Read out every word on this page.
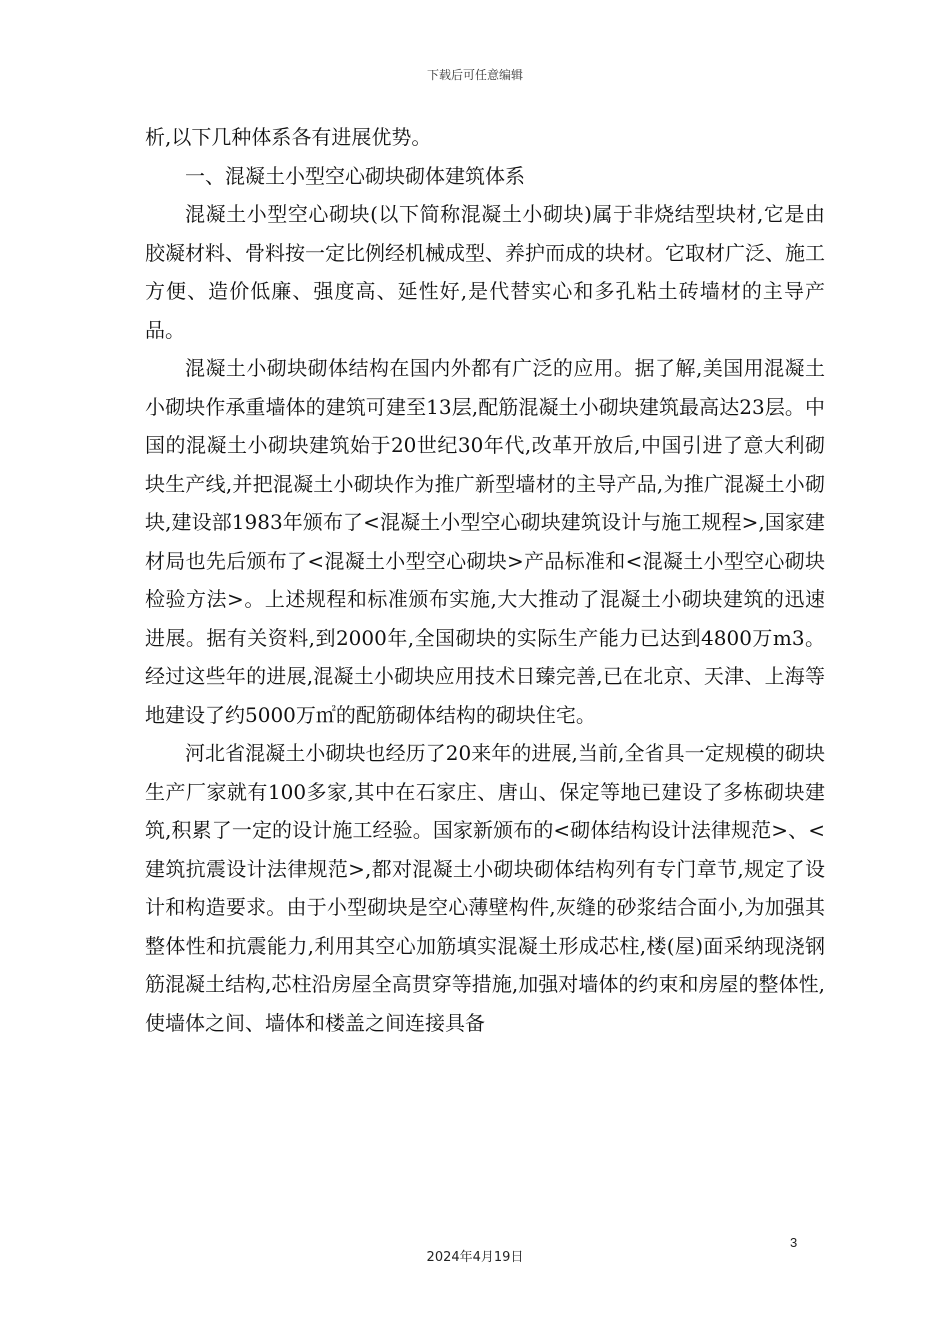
下载后可任意编辑

析,以下几种体系各有进展优势。

一、混凝土小型空心砌块砌体建筑体系

混凝土小型空心砌块(以下简称混凝土小砌块)属于非烧结型块材,它是由胶凝材料、骨料按一定比例经机械成型、养护而成的块材。它取材广泛、施工方便、造价低廉、强度高、延性好,是代替实心和多孔粘土砖墙材的主导产品。

混凝土小砌块砌体结构在国内外都有广泛的应用。据了解,美国用混凝土小砌块作承重墙体的建筑可建至13层,配筋混凝土小砌块建筑最高达23层。中国的混凝土小砌块建筑始于20世纪30年代,改革开放后,中国引进了意大利砌块生产线,并把混凝土小砌块作为推广新型墙材的主导产品,为推广混凝土小砌块,建设部1983年颁布了<混凝土小型空心砌块建筑设计与施工规程>,国家建材局也先后颁布了<混凝土小型空心砌块>产品标准和<混凝土小型空心砌块检验方法>。上述规程和标准颁布实施,大大推动了混凝土小砌块建筑的迅速进展。据有关资料,到2000年,全国砌块的实际生产能力已达到4800万m3。经过这些年的进展,混凝土小砌块应用技术日臻完善,已在北京、天津、上海等地建设了约5000万㎡的配筋砌体结构的砌块住宅。

河北省混凝土小砌块也经历了20来年的进展,当前,全省具一定规模的砌块生产厂家就有100多家,其中在石家庄、唐山、保定等地已建设了多栋砌块建筑,积累了一定的设计施工经验。国家新颁布的<砌体结构设计法律规范>、<建筑抗震设计法律规范>,都对混凝土小砌块砌体结构列有专门章节,规定了设计和构造要求。由于小型砌块是空心薄壁构件,灰缝的砂浆结合面小,为加强其整体性和抗震能力,利用其空心加筋填实混凝土形成芯柱,楼(屋)面采纳现浇钢筋混凝土结构,芯柱沿房屋全高贯穿等措施,加强对墙体的约束和房屋的整体性,使墙体之间、墙体和楼盖之间连接具备

3
2024年4月19日
